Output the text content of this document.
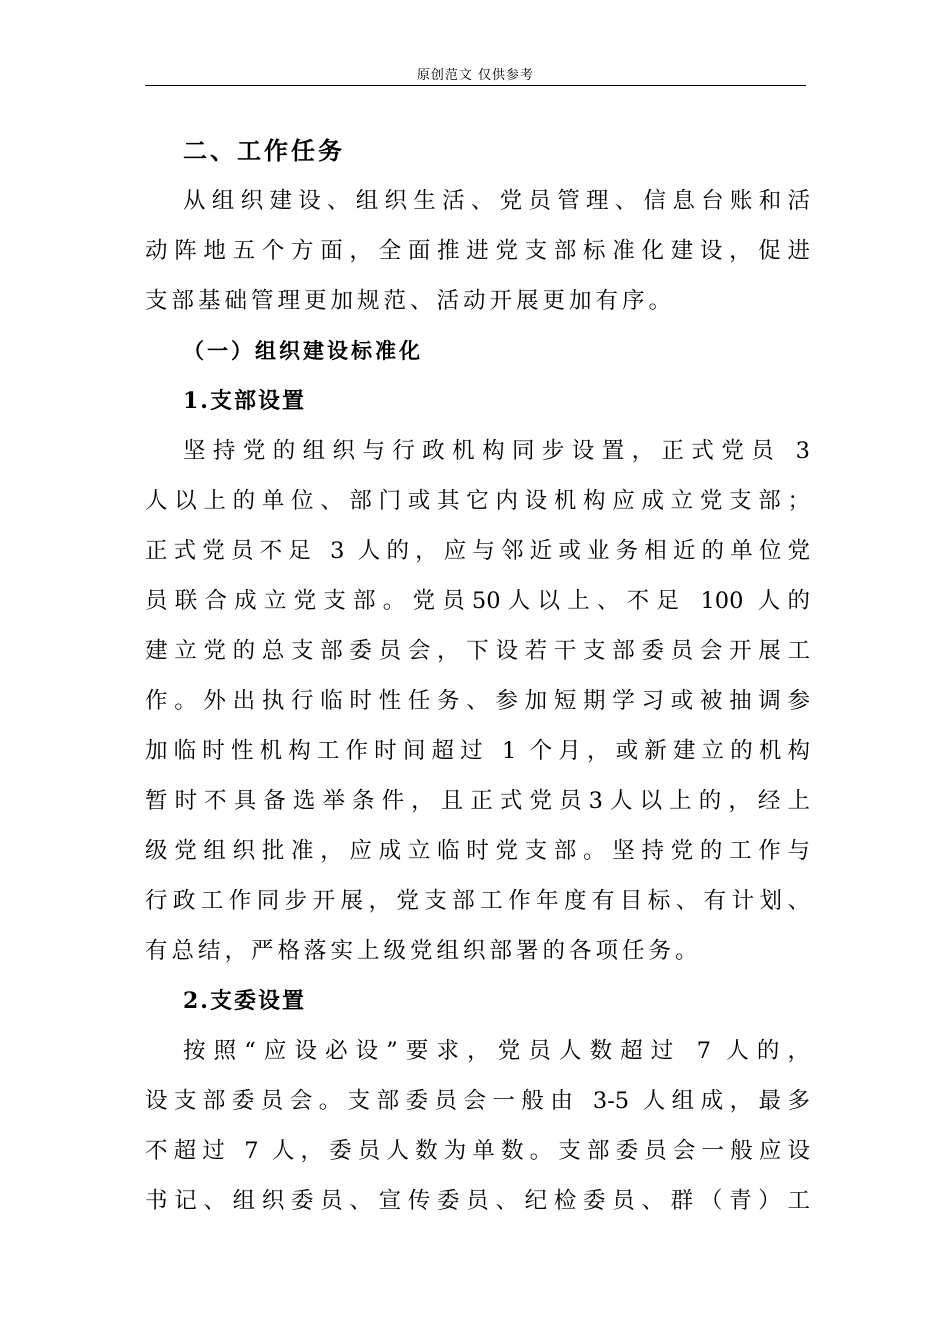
原创范文 仅供参考
二、工作任务
从组织建设、组织生活、党员管理、信息台账和活
动阵地五个方面，全面推进党支部标准化建设，促进
支部基础管理更加规范、活动开展更加有序。
（一）组织建设标准化
1.支部设置
坚持党的组织与行政机构同步设置，正式党员 3
人以上的单位、部门或其它内设机构应成立党支部；
正式党员不足 3 人的，应与邻近或业务相近的单位党
员联合成立党支部。党员50人以上、不足 100 人的
建立党的总支部委员会，下设若干支部委员会开展工
作。外出执行临时性任务、参加短期学习或被抽调参
加临时性机构工作时间超过 1 个月，或新建立的机构
暂时不具备选举条件，且正式党员3人以上的，经上
级党组织批准，应成立临时党支部。坚持党的工作与
行政工作同步开展，党支部工作年度有目标、有计划、
有总结，严格落实上级党组织部署的各项任务。
2.支委设置
按照“应设必设”要求，党员人数超过 7 人的，
设支部委员会。支部委员会一般由 3-5 人组成，最多
不超过 7 人，委员人数为单数。支部委员会一般应设
书记、组织委员、宣传委员、纪检委员、群（青）工
